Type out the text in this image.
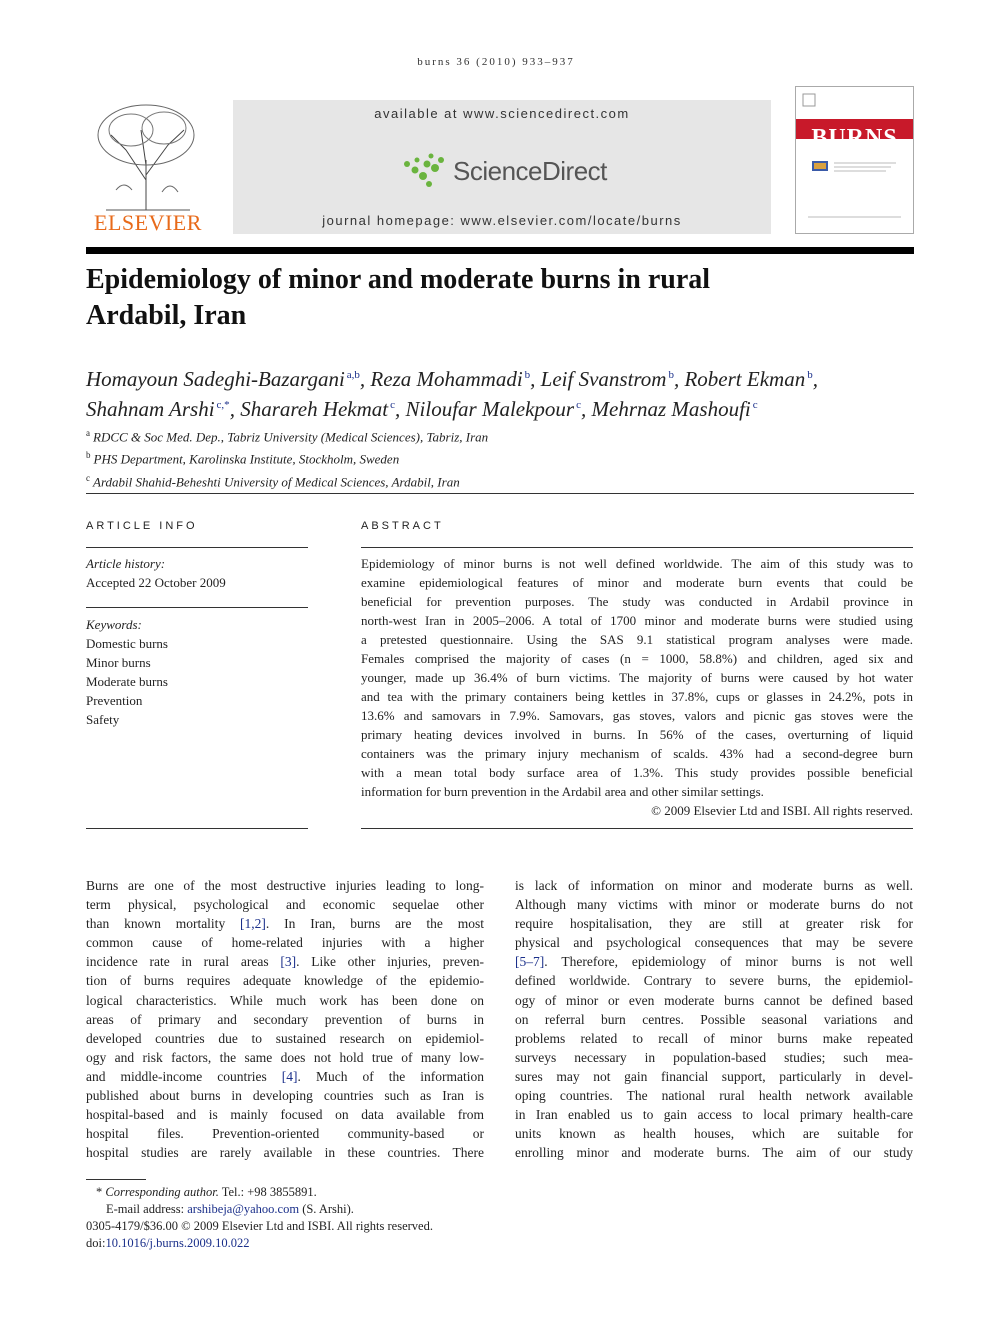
burns 36 (2010) 933–937
ELSEVIER
available at www.sciencedirect.com
ScienceDirect
journal homepage: www.elsevier.com/locate/burns
BURNS
Epidemiology of minor and moderate burns in rural
Ardabil, Iran
Homayoun Sadeghi-Bazargani $^{a,b}$, Reza Mohammadi $^b$, Leif Svanstrom $^b$, Robert Ekman $^b$,
Shahnam Arshi $^{c,*}$, Sharareh Hekmat $^c$, Niloufar Malekpour $^c$, Mehrnaz Mashoufi $^c$
$^a$ RDCC & Soc Med. Dep., Tabriz University (Medical Sciences), Tabriz, Iran
$^b$ PHS Department, Karolinska Institute, Stockholm, Sweden
$^c$ Ardabil Shahid-Beheshti University of Medical Sciences, Ardabil, Iran
ARTICLE INFO
Article history:
Accepted 22 October 2009
Keywords:
Domestic burns
Minor burns
Moderate burns
Prevention
Safety
ABSTRACT
Epidemiology of minor burns is not well defined worldwide. The aim of this study was to
examine epidemiological features of minor and moderate burn events that could be
beneficial for prevention purposes. The study was conducted in Ardabil province in
north-west Iran in 2005–2006. A total of 1700 minor and moderate burns were studied using
a pretested questionnaire. Using the SAS 9.1 statistical program analyses were made.
Females comprised the majority of cases (n = 1000, 58.8%) and children, aged six and
younger, made up 36.4% of burn victims. The majority of burns were caused by hot water
and tea with the primary containers being kettles in 37.8%, cups or glasses in 24.2%, pots in
13.6% and samovars in 7.9%. Samovars, gas stoves, valors and picnic gas stoves were the
primary heating devices involved in burns. In 56% of the cases, overturning of liquid
containers was the primary injury mechanism of scalds. 43% had a second-degree burn
with a mean total body surface area of 1.3%. This study provides possible beneficial
information for burn prevention in the Ardabil area and other similar settings.
© 2009 Elsevier Ltd and ISBI. All rights reserved.
Burns are one of the most destructive injuries leading to long-
term physical, psychological and economic sequelae other
than known mortality [1,2]. In Iran, burns are the most
common cause of home-related injuries with a higher
incidence rate in rural areas [3]. Like other injuries, preven-
tion of burns requires adequate knowledge of the epidemio-
logical characteristics. While much work has been done on
areas of primary and secondary prevention of burns in
developed countries due to sustained research on epidemiol-
ogy and risk factors, the same does not hold true of many low-
and middle-income countries [4]. Much of the information
published about burns in developing countries such as Iran is
hospital-based and is mainly focused on data available from
hospital files. Prevention-oriented community-based or
hospital studies are rarely available in these countries. There
is lack of information on minor and moderate burns as well.
Although many victims with minor or moderate burns do not
require hospitalisation, they are still at greater risk for
physical and psychological consequences that may be severe
[5–7]. Therefore, epidemiology of minor burns is not well
defined worldwide. Contrary to severe burns, the epidemiol-
ogy of minor or even moderate burns cannot be defined based
on referral burn centres. Possible seasonal variations and
problems related to recall of minor burns make repeated
surveys necessary in population-based studies; such mea-
sures may not gain financial support, particularly in devel-
oping countries. The national rural health network available
in Iran enabled us to gain access to local primary health-care
units known as health houses, which are suitable for
enrolling minor and moderate burns. The aim of our study
* Corresponding author. Tel.: +98 3855891.
E-mail address: arshibeja@yahoo.com (S. Arshi).
0305-4179/$36.00 © 2009 Elsevier Ltd and ISBI. All rights reserved.
doi:10.1016/j.burns.2009.10.022
